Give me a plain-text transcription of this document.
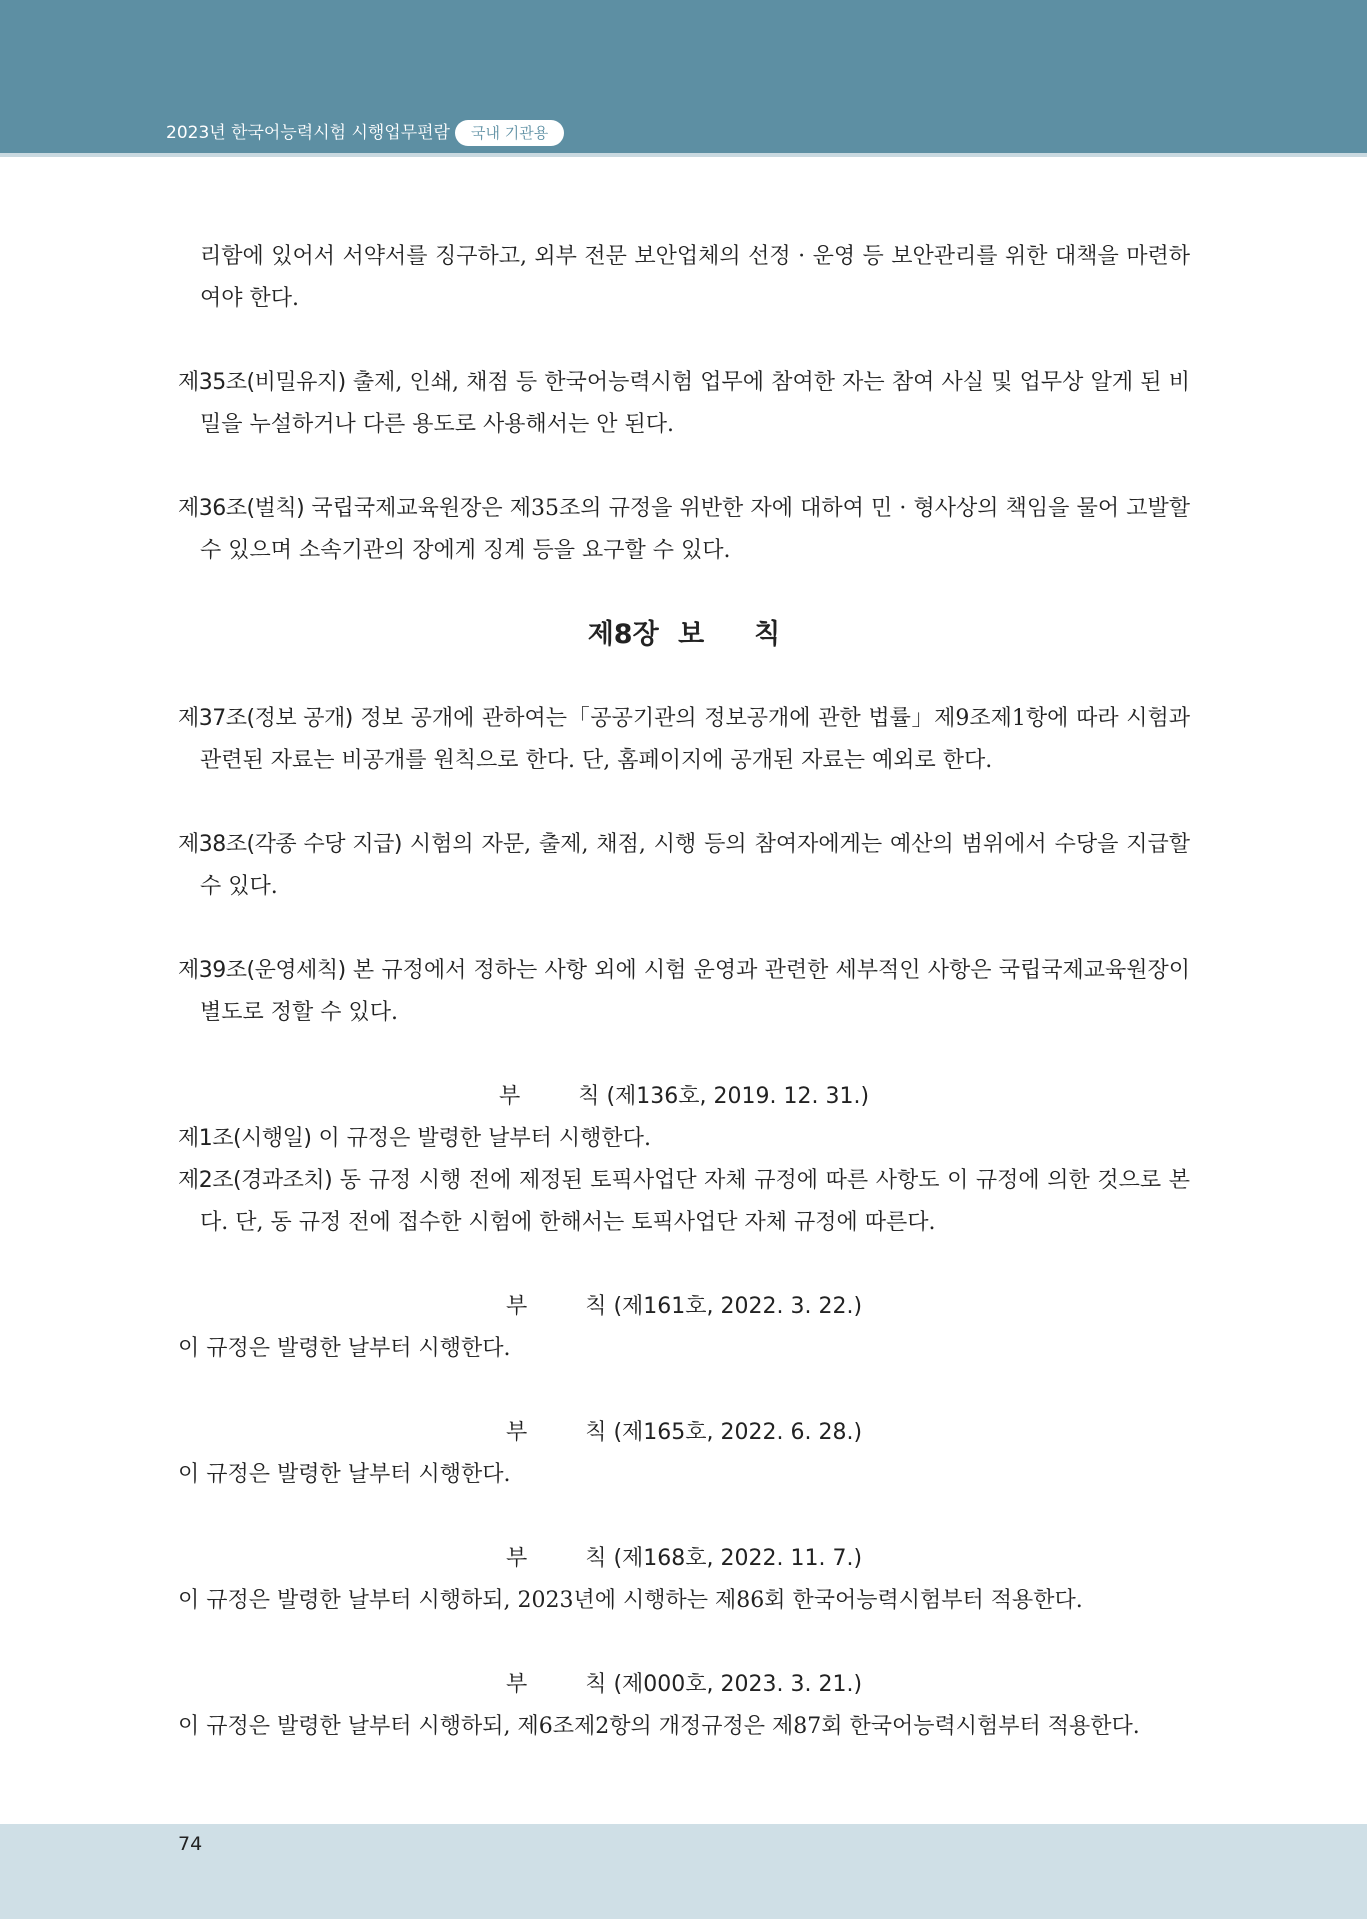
2023년 한국어능력시험 시행업무편람	국내 기관용

리함에 있어서 서약서를 징구하고, 외부 전문 보안업체의 선정 · 운영 등 보안관리를 위한 대책을 마련하여야 한다.

제35조(비밀유지) 출제, 인쇄, 채점 등 한국어능력시험 업무에 참여한 자는 참여 사실 및 업무상 알게 된 비밀을 누설하거나 다른 용도로 사용해서는 안 된다.

제36조(벌칙) 국립국제교육원장은 제35조의 규정을 위반한 자에 대하여 민 · 형사상의 책임을 물어 고발할 수 있으며 소속기관의 장에게 징계 등을 요구할 수 있다.

제8장 보 칙

제37조(정보 공개) 정보 공개에 관하여는「공공기관의 정보공개에 관한 법률」제9조제1항에 따라 시험과 관련된 자료는 비공개를 원칙으로 한다. 단, 홈페이지에 공개된 자료는 예외로 한다.

제38조(각종 수당 지급) 시험의 자문, 출제, 채점, 시행 등의 참여자에게는 예산의 범위에서 수당을 지급할 수 있다.

제39조(운영세칙) 본 규정에서 정하는 사항 외에 시험 운영과 관련한 세부적인 사항은 국립국제교육원장이 별도로 정할 수 있다.

부	칙 (제136호, 2019. 12. 31.)

제1조(시행일) 이 규정은 발령한 날부터 시행한다.

제2조(경과조치) 동 규정 시행 전에 제정된 토픽사업단 자체 규정에 따른 사항도 이 규정에 의한 것으로 본다. 단, 동 규정 전에 접수한 시험에 한해서는 토픽사업단 자체 규정에 따른다.

부	칙 (제161호, 2022. 3. 22.)

이 규정은 발령한 날부터 시행한다.

부	칙 (제165호, 2022. 6. 28.)

이 규정은 발령한 날부터 시행한다.

부	칙 (제168호, 2022. 11. 7.)

이 규정은 발령한 날부터 시행하되, 2023년에 시행하는 제86회 한국어능력시험부터 적용한다.

부	칙 (제000호, 2023. 3. 21.)

이 규정은 발령한 날부터 시행하되, 제6조제2항의 개정규정은 제87회 한국어능력시험부터 적용한다.

74
